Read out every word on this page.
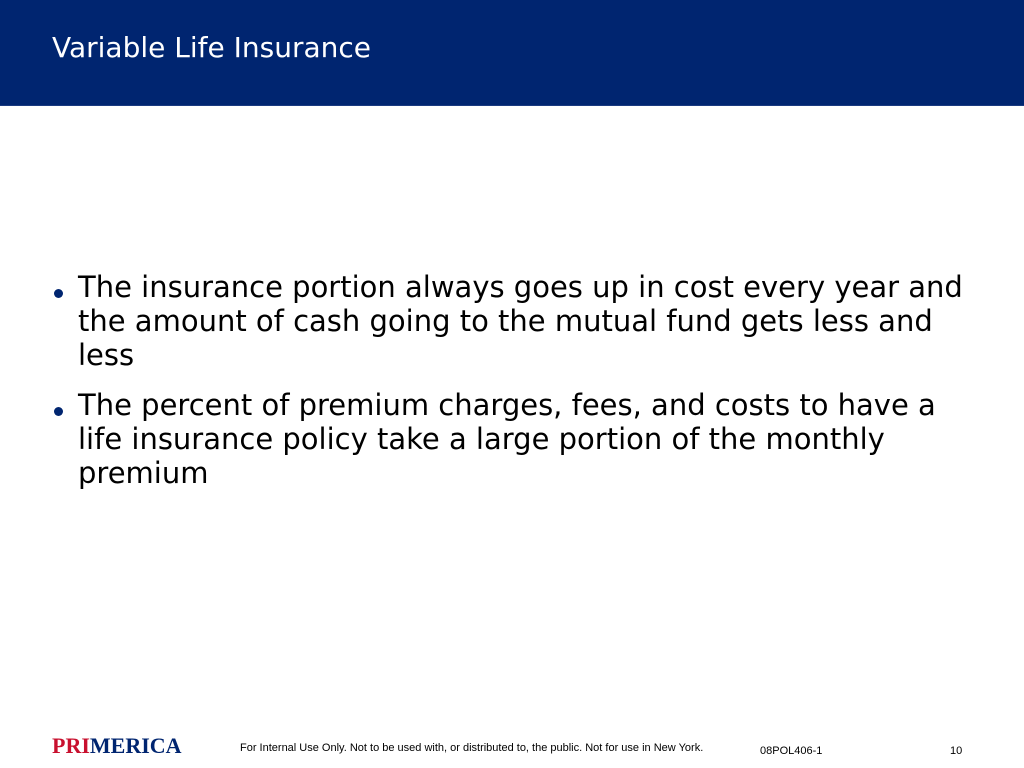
Variable Life Insurance
The insurance portion always goes up in cost every year and the amount of cash going to the mutual fund gets less and less
The percent of premium charges, fees, and costs to have a life insurance policy take a large portion of the monthly premium
PRIMERICA	For Internal Use Only. Not to be used with, or distributed to, the public. Not for use in New York.	08POL406-1	10
